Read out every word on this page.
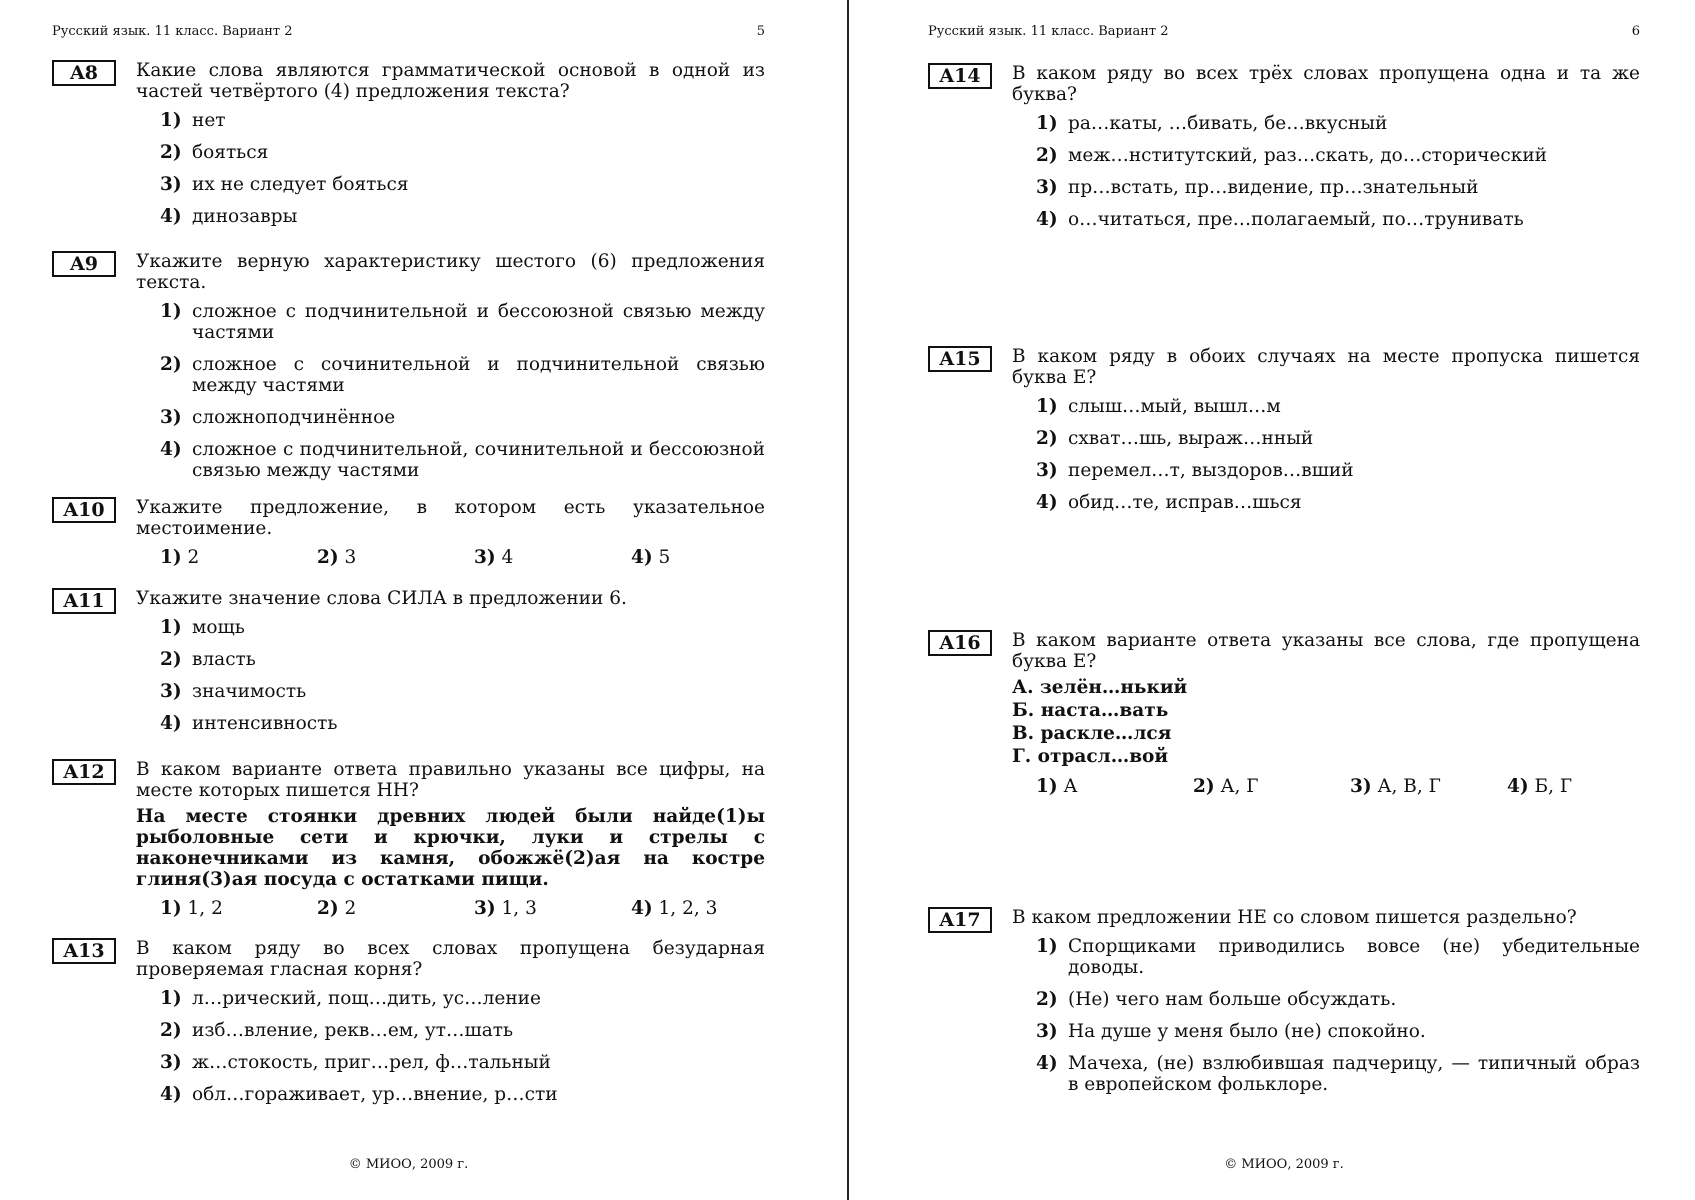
Русский язык. 11 класс. Вариант 2	5
A8	Какие слова являются грамматической основой в одной из частей четвёртого (4) предложения текста?
1) нет
2) бояться
3) их не следует бояться
4) динозавры
A9	Укажите верную характеристику шестого (6) предложения текста.
1) сложное с подчинительной и бессоюзной связью между частями
2) сложное с сочинительной и подчинительной связью между частями
3) сложноподчинённое
4) сложное с подчинительной, сочинительной и бессоюзной связью между частями
A10	Укажите предложение, в котором есть указательное местоимение.
1) 2	2) 3	3) 4	4) 5
A11	Укажите значение слова СИЛА в предложении 6.
1) мощь
2) власть
3) значимость
4) интенсивность
A12	В каком варианте ответа правильно указаны все цифры, на месте которых пишется НН?
На месте стоянки древних людей были найде(1)ы рыболовные сети и крючки, луки и стрелы с наконечниками из камня, обожжё(2)ая на костре глиня(3)ая посуда с остатками пищи.
1) 1, 2	2) 2	3) 1, 3	4) 1, 2, 3
A13	В каком ряду во всех словах пропущена безударная проверяемая гласная корня?
1) л…рический, пощ…дить, ус…ление
2) изб…вление, рекв…ем, ут…шать
3) ж…стокость, приг…рел, ф…тальный
4) обл…гораживает, ур…внение, р…сти
© МИОО, 2009 г.
Русский язык. 11 класс. Вариант 2	6
A14	В каком ряду во всех трёх словах пропущена одна и та же буква?
1) ра…каты, …бивать, бе…вкусный
2) меж…нститутский, раз…скать, до…сторический
3) пр…встать, пр…видение, пр…знательный
4) о…читаться, пре…полагаемый, по…трунивать
A15	В каком ряду в обоих случаях на месте пропуска пишется буква Е?
1) слыш…мый, вышл…м
2) схват…шь, выраж…нный
3) перемел…т, выздоров…вший
4) обид…те, исправ…шься
A16	В каком варианте ответа указаны все слова, где пропущена буква Е?
А. зелён…нький
Б. наста…вать
В. раскле…лся
Г. отрасл…вой
1) А	2) А, Г	3) А, В, Г	4) Б, Г
A17	В каком предложении НЕ со словом пишется раздельно?
1) Спорщиками приводились вовсе (не) убедительные доводы.
2) (Не) чего нам больше обсуждать.
3) На душе у меня было (не) спокойно.
4) Мачеха, (не) взлюбившая падчерицу, — типичный образ в европейском фольклоре.
© МИОО, 2009 г.
